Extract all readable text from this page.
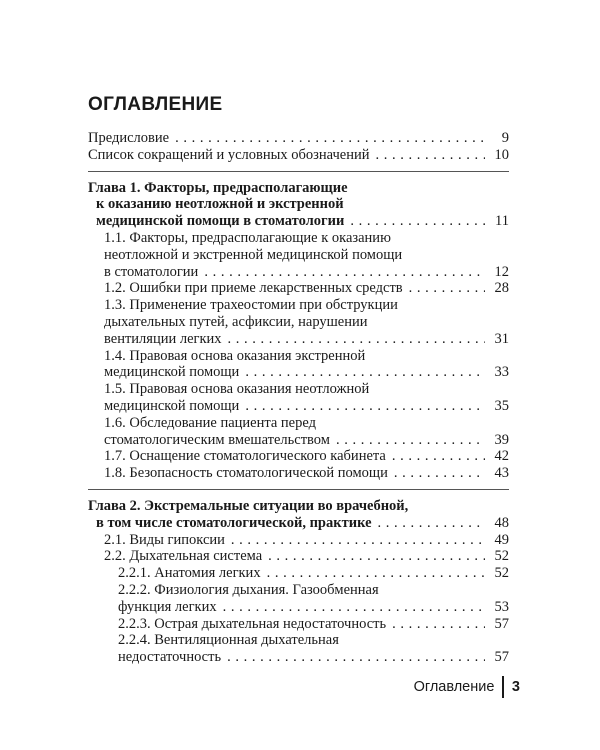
ОГЛАВЛЕНИЕ
Предисловие . . .	9
Список сокращений и условных обозначений . . .	10
Глава 1. Факторы, предрасполагающие
к оказанию неотложной и экстренной
медицинской помощи в стоматологии . . .	11
1.1. Факторы, предрасполагающие к оказанию
неотложной и экстренной медицинской помощи
в стоматологии . . .	12
1.2. Ошибки при приеме лекарственных средств . . .	28
1.3. Применение трахеостомии при обструкции
дыхательных путей, асфиксии, нарушении
вентиляции легких . . .	31
1.4. Правовая основа оказания экстренной
медицинской помощи . . .	33
1.5. Правовая основа оказания неотложной
медицинской помощи . . .	35
1.6. Обследование пациента перед
стоматологическим вмешательством . . .	39
1.7. Оснащение стоматологического кабинета . . .	42
1.8. Безопасность стоматологической помощи . . .	43
Глава 2. Экстремальные ситуации во врачебной,
в том числе стоматологической, практике . . .	48
2.1. Виды гипоксии . . .	49
2.2. Дыхательная система . . .	52
2.2.1. Анатомия легких . . .	52
2.2.2. Физиология дыхания. Газообменная
функция легких . . .	53
2.2.3. Острая дыхательная недостаточность . . .	57
2.2.4. Вентиляционная дыхательная
недостаточность . . .	57
Оглавление 3
